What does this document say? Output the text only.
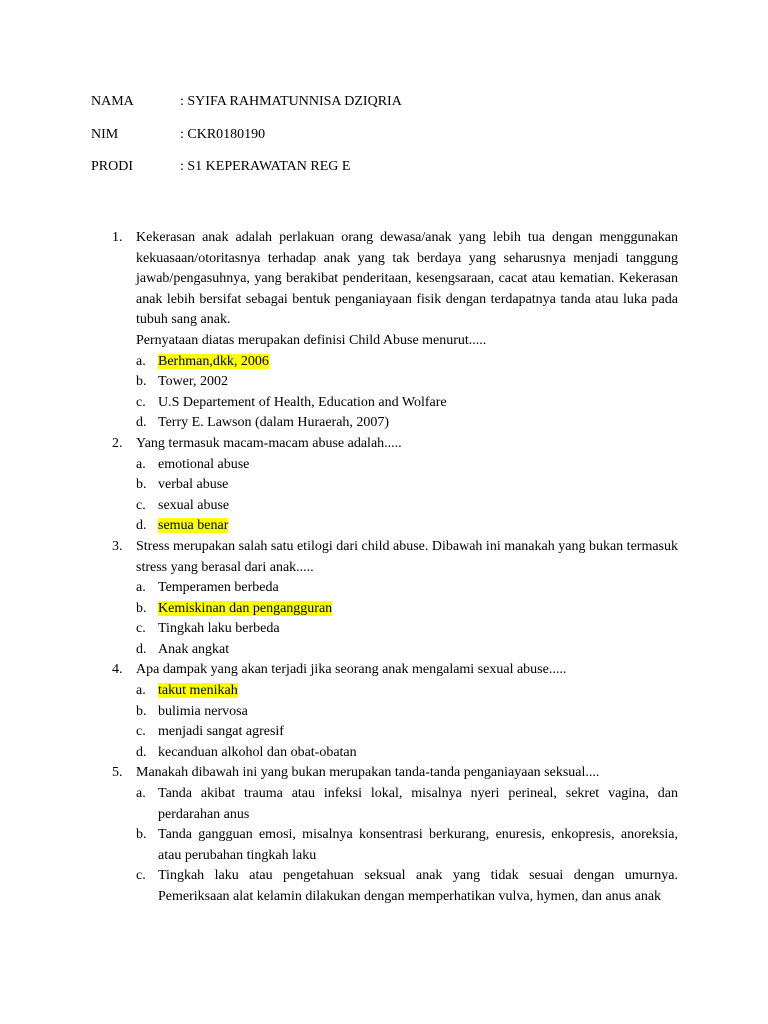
NAMA	: SYIFA RAHMATUNNISA DZIQRIA
NIM	: CKR0180190
PRODI	: S1 KEPERAWATAN REG E
1. Kekerasan anak adalah perlakuan orang dewasa/anak yang lebih tua dengan menggunakan kekuasaan/otoritasnya terhadap anak yang tak berdaya yang seharusnya menjadi tanggung jawab/pengasuhnya, yang berakibat penderitaan, kesengsaraan, cacat atau kematian. Kekerasan anak lebih bersifat sebagai bentuk penganiayaan fisik dengan terdapatnya tanda atau luka pada tubuh sang anak.
Pernyataan diatas merupakan definisi Child Abuse menurut.....
a. Berhman,dkk, 2006
b. Tower, 2002
c. U.S Departement of Health, Education and Wolfare
d. Terry E. Lawson (dalam Huraerah, 2007)
2. Yang termasuk macam-macam abuse adalah.....
a. emotional abuse
b. verbal abuse
c. sexual abuse
d. semua benar
3. Stress merupakan salah satu etilogi dari child abuse. Dibawah ini manakah yang bukan termasuk stress yang berasal dari anak.....
a. Temperamen berbeda
b. Kemiskinan dan pengangguran
c. Tingkah laku berbeda
d. Anak angkat
4. Apa dampak yang akan terjadi jika seorang anak mengalami sexual abuse.....
a. takut menikah
b. bulimia nervosa
c. menjadi sangat agresif
d. kecanduan alkohol dan obat-obatan
5. Manakah dibawah ini yang bukan merupakan tanda-tanda penganiayaan seksual....
a. Tanda akibat trauma atau infeksi lokal, misalnya nyeri perineal, sekret vagina, dan perdarahan anus
b. Tanda gangguan emosi, misalnya konsentrasi berkurang, enuresis, enkopresis, anoreksia, atau perubahan tingkah laku
c. Tingkah laku atau pengetahuan seksual anak yang tidak sesuai dengan umurnya. Pemeriksaan alat kelamin dilakukan dengan memperhatikan vulva, hymen, dan anus anak
